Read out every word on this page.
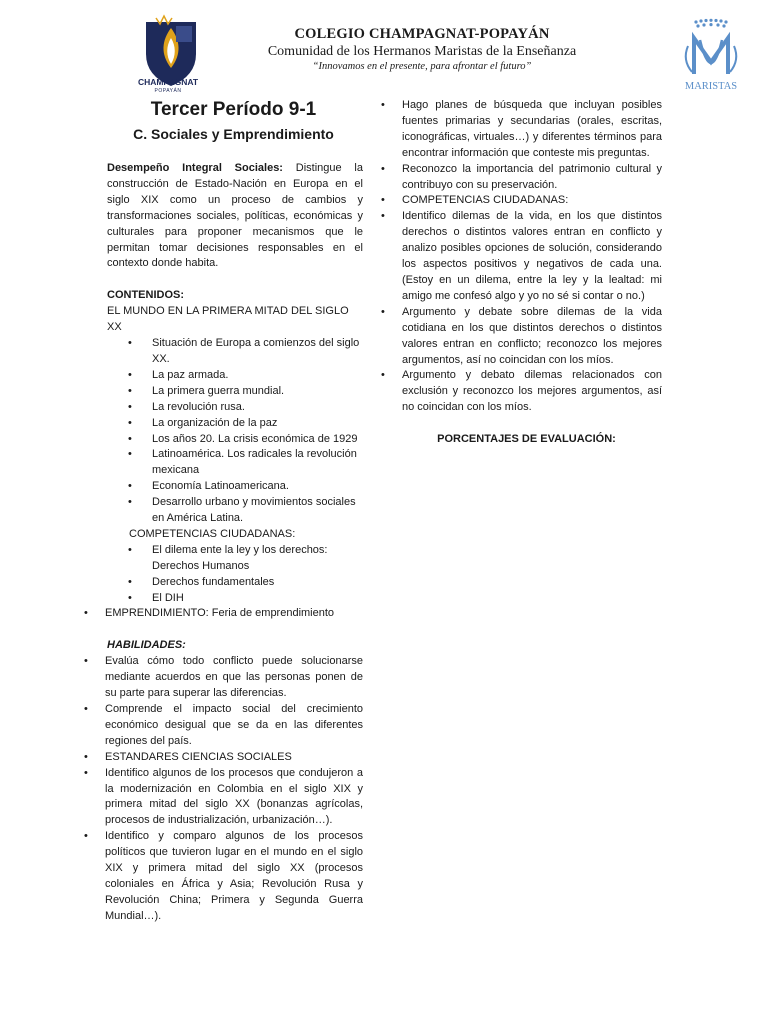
CHAMPAGNAT
POPAYÁN

COLEGIO CHAMPAGNAT-POPAYÁN

Comunidad de los Hermanos Maristas de la Enseñanza

“Innovamos en el presente, para afrontar el futuro”

MARISTAS
Tercer Período 9-1
C. Sociales y Emprendimiento

Desempeño Integral Sociales: Distingue la construcción de Estado-Nación en Europa en el siglo XIX como un proceso de cambios y transformaciones sociales, políticas, económicas y culturales para proponer mecanismos que le permitan tomar decisiones responsables en el contexto donde habita.

CONTENIDOS:

EL MUNDO EN LA PRIMERA MITAD DEL SIGLO XX

• Situación de Europa a comienzos del siglo XX.
• La paz armada.
• La primera guerra mundial.
• La revolución rusa.
• La organización de la paz
• Los años 20. La crisis económica de 1929
• Latinoamérica. Los radicales la revolución mexicana
• Economía Latinoamericana.
• Desarrollo urbano y movimientos sociales en América Latina.

COMPETENCIAS CIUDADANAS:

• El dilema ente la ley y los derechos: Derechos Humanos
• Derechos fundamentales
• El DIH
• EMPRENDIMIENTO: Feria de emprendimiento

HABILIDADES:

• Evalúa cómo todo conflicto puede solucionarse mediante acuerdos en que las personas ponen de su parte para superar las diferencias.
• Comprende el impacto social del crecimiento económico desigual que se da en las diferentes regiones del país.
• ESTANDARES CIENCIAS SOCIALES
• Identifico algunos de los procesos que condujeron a la modernización en Colombia en el siglo XIX y primera mitad del siglo XX (bonanzas agrícolas, procesos de industrialización, urbanización…).
• Identifico y comparo algunos de los procesos políticos que tuvieron lugar en el mundo en el siglo XIX y primera mitad del siglo XX (procesos coloniales en África y Asia; Revolución Rusa y Revolución China; Primera y Segunda Guerra Mundial…).
• Hago planes de búsqueda que incluyan posibles fuentes primarias y secundarias (orales, escritas, iconográficas, virtuales…) y diferentes términos para encontrar información que conteste mis preguntas.
• Reconozco la importancia del patrimonio cultural y contribuyo con su preservación.
• COMPETENCIAS CIUDADANAS:
• Identifico dilemas de la vida, en los que distintos derechos o distintos valores entran en conflicto y analizo posibles opciones de solución, considerando los aspectos positivos y negativos de cada una. (Estoy en un dilema, entre la ley y la lealtad: mi amigo me confesó algo y yo no sé si contar o no.)
• Argumento y debate sobre dilemas de la vida cotidiana en los que distintos derechos o distintos valores entran en conflicto; reconozco los mejores argumentos, así no coincidan con los míos.
• Argumento y debato dilemas relacionados con exclusión y reconozco los mejores argumentos, así no coincidan con los míos.

PORCENTAJES DE EVALUACIÓN:
